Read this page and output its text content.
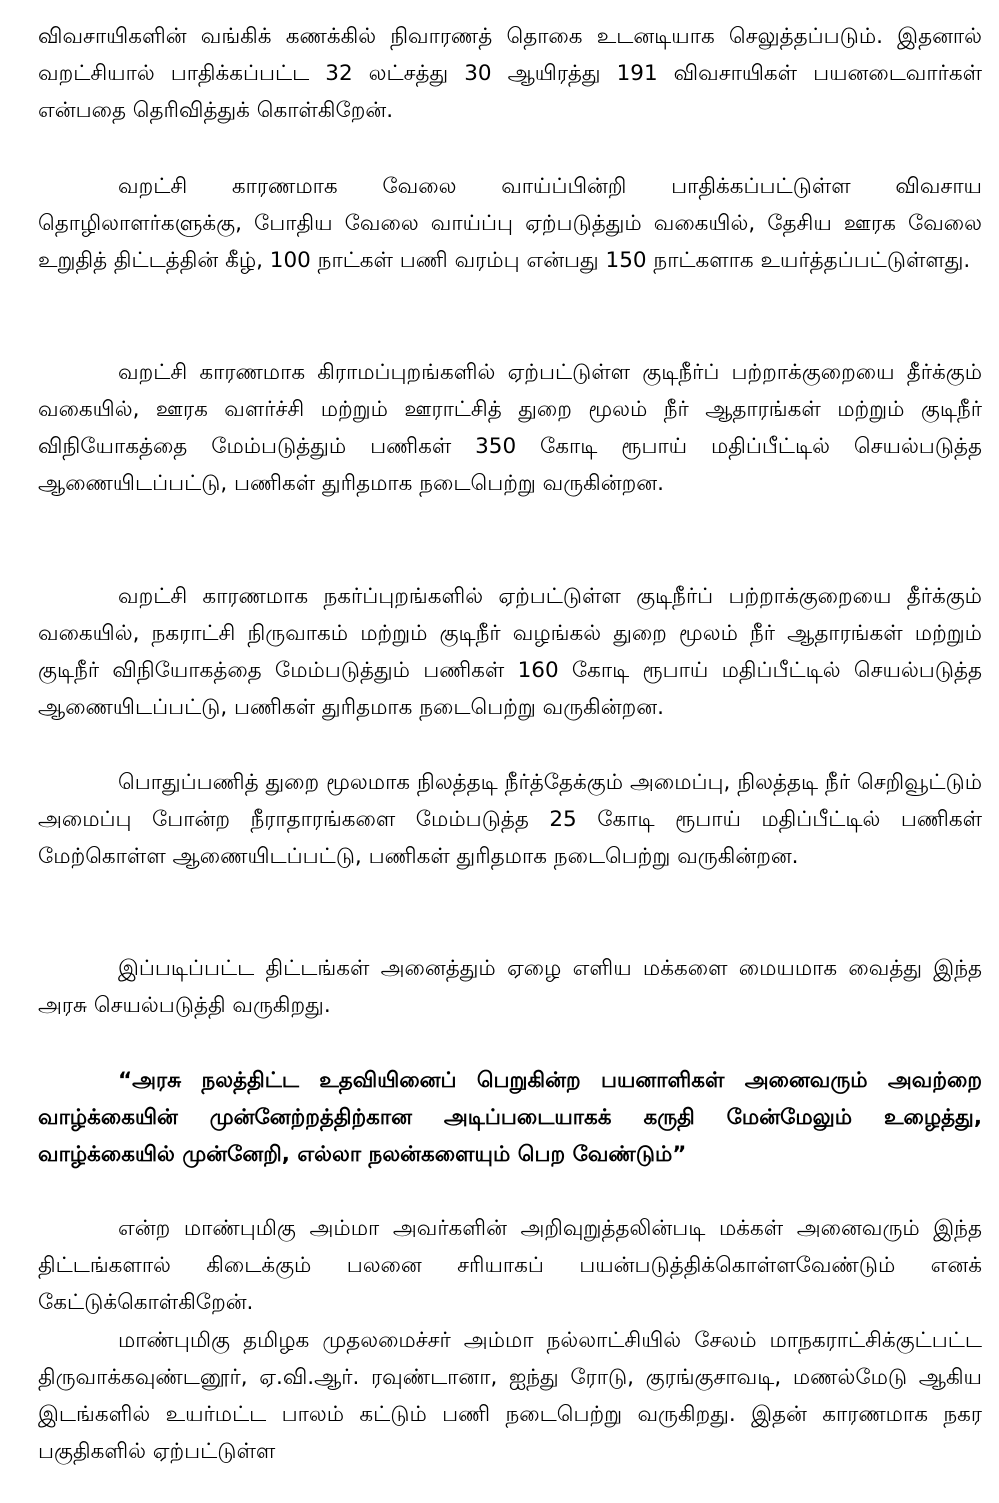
விவசாயிகளின் வங்கிக் கணக்கில் நிவாரணத் தொகை உடனடியாக செலுத்தப்படும். இதனால் வறட்சியால் பாதிக்கப்பட்ட 32 லட்சத்து 30 ஆயிரத்து 191 விவசாயிகள் பயனடைவார்கள் என்பதை தெரிவித்துக் கொள்கிறேன்.

வறட்சி காரணமாக வேலை வாய்ப்பின்றி பாதிக்கப்பட்டுள்ள விவசாய தொழிலாளர்களுக்கு, போதிய வேலை வாய்ப்பு ஏற்படுத்தும் வகையில், தேசிய ஊரக வேலை உறுதித் திட்டத்தின் கீழ், 100 நாட்கள் பணி வரம்பு என்பது 150 நாட்களாக உயர்த்தப்பட்டுள்ளது.

வறட்சி காரணமாக கிராமப்புறங்களில் ஏற்பட்டுள்ள குடிநீர்ப் பற்றாக்குறையை தீர்க்கும் வகையில், ஊரக வளர்ச்சி மற்றும் ஊராட்சித் துறை மூலம் நீர் ஆதாரங்கள் மற்றும் குடிநீர் விநியோகத்தை மேம்படுத்தும் பணிகள் 350 கோடி ரூபாய் மதிப்பீட்டில் செயல்படுத்த ஆணையிடப்பட்டு, பணிகள் துரிதமாக நடைபெற்று வருகின்றன.

வறட்சி காரணமாக நகர்ப்புறங்களில் ஏற்பட்டுள்ள குடிநீர்ப் பற்றாக்குறையை தீர்க்கும் வகையில், நகராட்சி நிருவாகம் மற்றும் குடிநீர் வழங்கல் துறை மூலம் நீர் ஆதாரங்கள் மற்றும் குடிநீர் விநியோகத்தை மேம்படுத்தும் பணிகள் 160 கோடி ரூபாய் மதிப்பீட்டில் செயல்படுத்த ஆணையிடப்பட்டு, பணிகள் துரிதமாக நடைபெற்று வருகின்றன.

பொதுப்பணித் துறை மூலமாக நிலத்தடி நீர்த்தேக்கும் அமைப்பு, நிலத்தடி நீர் செறிவூட்டும் அமைப்பு போன்ற நீராதாரங்களை மேம்படுத்த 25 கோடி ரூபாய் மதிப்பீட்டில் பணிகள் மேற்கொள்ள ஆணையிடப்பட்டு, பணிகள் துரிதமாக நடைபெற்று வருகின்றன.

இப்படிப்பட்ட திட்டங்கள் அனைத்தும் ஏழை எளிய மக்களை மையமாக வைத்து இந்த அரசு செயல்படுத்தி வருகிறது.

“அரசு நலத்திட்ட உதவியினைப் பெறுகின்ற பயனாளிகள் அனைவரும் அவற்றை வாழ்க்கையின் முன்னேற்றத்திற்கான அடிப்படையாகக் கருதி மேன்மேலும் உழைத்து, வாழ்க்கையில் முன்னேறி, எல்லா நலன்களையும் பெற வேண்டும்”

என்ற மாண்புமிகு அம்மா அவர்களின் அறிவுறுத்தலின்படி மக்கள் அனைவரும் இந்த திட்டங்களால் கிடைக்கும் பலனை சரியாகப் பயன்படுத்திக்கொள்ளவேண்டும் எனக் கேட்டுக்கொள்கிறேன்.

மாண்புமிகு தமிழக முதலமைச்சர் அம்மா நல்லாட்சியில் சேலம் மாநகராட்சிக்குட்பட்ட திருவாக்கவுண்டனூர், ஏ.வி.ஆர். ரவுண்டானா, ஐந்து ரோடு, குரங்குசாவடி, மணல்மேடு ஆகிய இடங்களில் உயர்மட்ட பாலம் கட்டும் பணி நடைபெற்று வருகிறது. இதன் காரணமாக நகர பகுதிகளில் ஏற்பட்டுள்ள
